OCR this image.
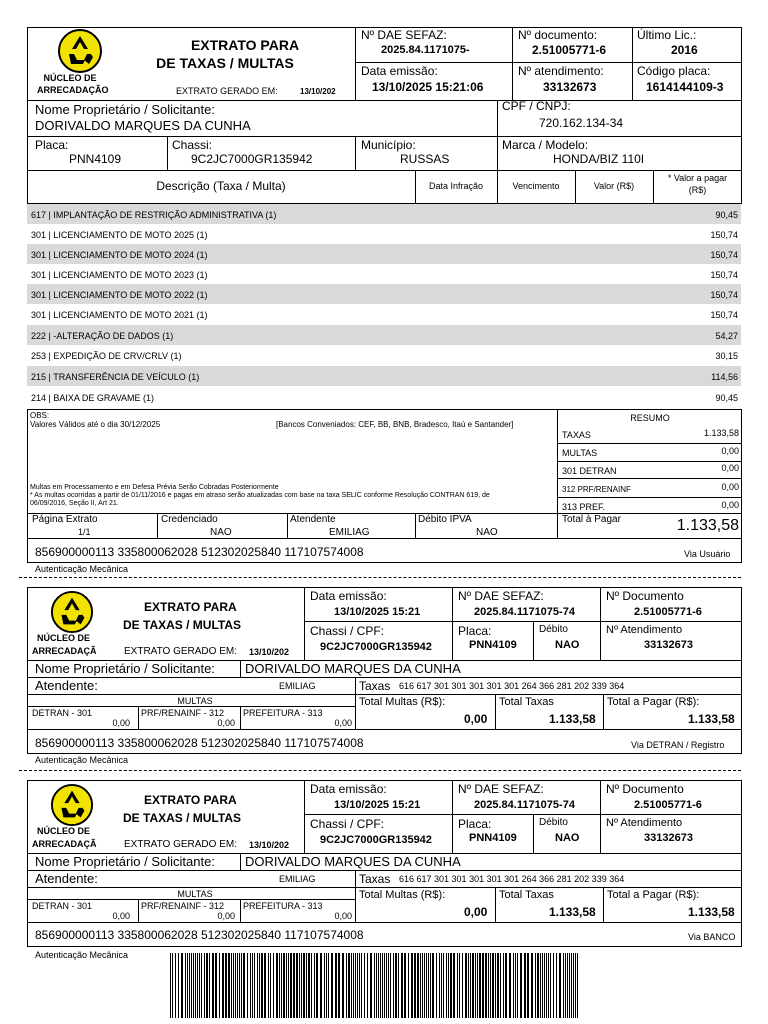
NÚCLEO DE
ARRECADAÇÃO
EXTRATO PARA
DE TAXAS / MULTAS
EXTRATO GERADO EM:	13/10/202
Nº DAE SEFAZ:
2025.84.1171075-
Nº documento:
2.51005771-6
Último Lic.:
2016
Data emissão:
13/10/2025 15:21:06
Nº atendimento:
33132673
Código placa:
1614144109-3
Nome Proprietário / Solicitante:
DORIVALDO MARQUES DA CUNHA
CPF / CNPJ:
720.162.134-34
Placa:
PNN4109
Chassi:
9C2JC7000GR135942
Município:
RUSSAS
Marca / Modelo:
HONDA/BIZ 110I
Descrição (Taxa / Multa)	Data Infração	Vencimento	Valor (R$)
* Valor a pagar
(R$)
617 | IMPLANTAÇÃO DE RESTRIÇÃO ADMINISTRATIVA (1)	90,45
301 | LICENCIAMENTO DE MOTO 2025 (1)	150,74
301 | LICENCIAMENTO DE MOTO 2024 (1)	150,74
301 | LICENCIAMENTO DE MOTO 2023 (1)	150,74
301 | LICENCIAMENTO DE MOTO 2022 (1)	150,74
301 | LICENCIAMENTO DE MOTO 2021 (1)	150,74
222 | -ALTERAÇÃO DE DADOS (1)	54,27
253 | EXPEDIÇÃO DE CRV/CRLV (1)	30,15
215 | TRANSFERÊNCIA DE VEÍCULO (1)	114,56
214 | BAIXA DE GRAVAME (1)	90,45
OBS:
Valores Válidos até o dia 30/12/2025	[Bancos Conveniados: CEF, BB, BNB, Bradesco, Itaú e Santander]
Multas em Processamento e em Defesa Prévia Serão Cobradas Posteriormente
* As multas ocorridas a partir de 01/11/2016 e pagas em atraso serão atualizadas com base na taxa SELIC conforme Resolução CONTRAN 619, de
06/09/2016, Seção II, Art 21.
RESUMO
TAXAS	1.133,58
MULTAS	0,00
301 DETRAN	0,00
312 PRF/RENAINF	0,00
313 PREF.	0,00
Página Extrato
1/1
Credenciado
NAO
Atendente
EMILIAG
Débito IPVA
NAO
Total à Pagar	1.133,58
856900000113 335800062028 512302025840 117107574008	Via Usuário
Autenticação Mecânica
NÚCLEO DE
ARRECADAÇÃ
EXTRATO PARA
DE TAXAS / MULTAS
EXTRATO GERADO EM: 13/10/202
Data emissão:
13/10/2025 15:21
Nº DAE SEFAZ:
2025.84.1171075-74
Nº Documento
2.51005771-6
Chassi / CPF:
9C2JC7000GR135942
Placa:
PNN4109
Débito
NAO
Nº Atendimento
33132673
Nome Proprietário / Solicitante: DORIVALDO MARQUES DA CUNHA
Atendente:	EMILIAG	Taxas 616 617 301 301 301 301 301 264 366 281 202 339 364
MULTAS
DETRAN - 301
0,00
PRF/RENAINF - 312
0,00
PREFEITURA - 313
0,00
Total Multas (R$):
0,00
Total Taxas
1.133,58
Total a Pagar (R$):
1.133,58
856900000113 335800062028 512302025840 117107574008	Via DETRAN / Registro
Autenticação Mecânica
NÚCLEO DE
ARRECADAÇÃ
EXTRATO PARA
DE TAXAS / MULTAS
EXTRATO GERADO EM: 13/10/202
Data emissão:
13/10/2025 15:21
Nº DAE SEFAZ:
2025.84.1171075-74
Nº Documento
2.51005771-6
Chassi / CPF:
9C2JC7000GR135942
Placa:
PNN4109
Débito
NAO
Nº Atendimento
33132673
Nome Proprietário / Solicitante: DORIVALDO MARQUES DA CUNHA
Atendente:	EMILIAG	Taxas 616 617 301 301 301 301 301 264 366 281 202 339 364
MULTAS
DETRAN - 301
0,00
PRF/RENAINF - 312
0,00
PREFEITURA - 313
0,00
Total Multas (R$):
0,00
Total Taxas
1.133,58
Total a Pagar (R$):
1.133,58
856900000113 335800062028 512302025840 117107574008	Via BANCO
Autenticação Mecânica
